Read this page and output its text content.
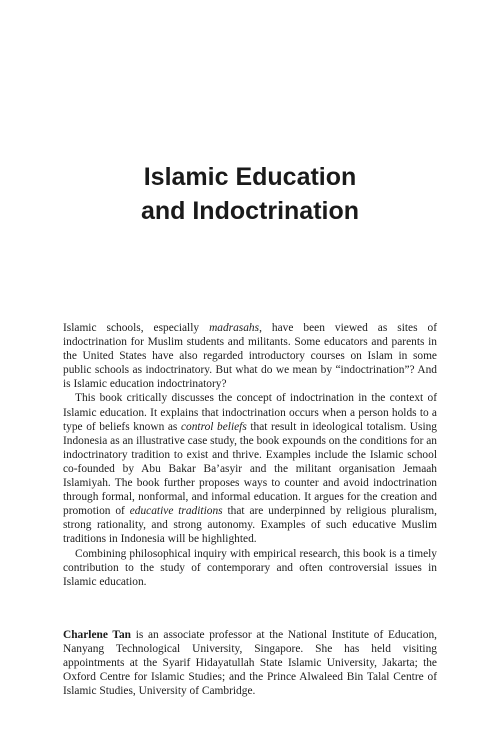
Islamic Education
and Indoctrination

Islamic schools, especially madrasahs, have been viewed as sites of indoctrination for Muslim students and militants. Some educators and parents in the United States have also regarded introductory courses on Islam in some public schools as indoctrinatory. But what do we mean by “indoctrination”? And is Islamic education indoctrinatory?

This book critically discusses the concept of indoctrination in the context of Islamic education. It explains that indoctrination occurs when a person holds to a type of beliefs known as control beliefs that result in ideological totalism. Using Indonesia as an illustrative case study, the book expounds on the conditions for an indoctrinatory tradition to exist and thrive. Examples include the Islamic school co-founded by Abu Bakar Ba’asyir and the militant organisation Jemaah Islamiyah. The book further proposes ways to counter and avoid indoctrination through formal, nonformal, and informal education. It argues for the creation and promotion of educative traditions that are underpinned by religious pluralism, strong rationality, and strong autonomy. Examples of such educative Muslim traditions in Indonesia will be highlighted.

Combining philosophical inquiry with empirical research, this book is a timely contribution to the study of contemporary and often controversial issues in Islamic education.

Charlene Tan is an associate professor at the National Institute of Education, Nanyang Technological University, Singapore. She has held visiting appointments at the Syarif Hidayatullah State Islamic University, Jakarta; the Oxford Centre for Islamic Studies; and the Prince Alwaleed Bin Talal Centre of Islamic Studies, University of Cambridge.
